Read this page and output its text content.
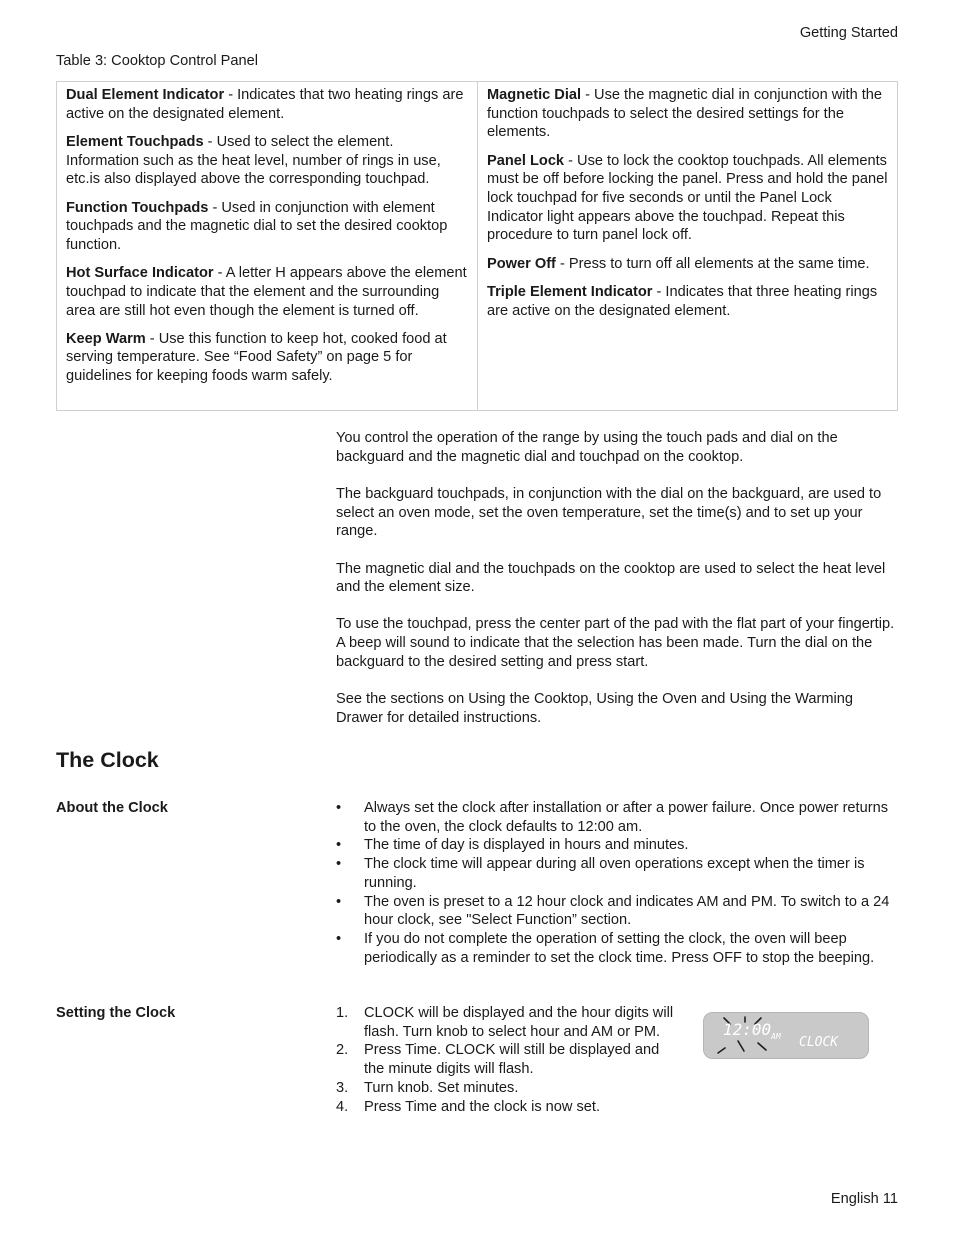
Getting Started
Table 3: Cooktop Control Panel

Dual Element Indicator - Indicates that two heating rings are active on the designated element.

Element Touchpads - Used to select the element. Information such as the heat level, number of rings in use, etc.is also displayed above the corresponding touchpad.

Function Touchpads - Used in conjunction with element touchpads and the magnetic dial to set the desired cooktop function.

Hot Surface Indicator - A letter H appears above the element touchpad to indicate that the element and the surrounding area are still hot even though the element is turned off.

Keep Warm - Use this function to keep hot, cooked food at serving temperature. See “Food Safety” on page 5 for guidelines for keeping foods warm safely.

Magnetic Dial - Use the magnetic dial in conjunction with the function touchpads to select the desired settings for the elements.

Panel Lock - Use to lock the cooktop touchpads. All elements must be off before locking the panel. Press and hold the panel lock touchpad for five seconds or until the Panel Lock Indicator light appears above the touchpad. Repeat this procedure to turn panel lock off.

Power Off - Press to turn off all elements at the same time.

Triple Element Indicator - Indicates that three heating rings are active on the designated element.

You control the operation of the range by using the touch pads and dial on the backguard and the magnetic dial and touchpad on the cooktop.

The backguard touchpads, in conjunction with the dial on the backguard, are used to select an oven mode, set the oven temperature, set the time(s) and to set up your range.

The magnetic dial and the touchpads on the cooktop are used to select the heat level and the element size.

To use the touchpad, press the center part of the pad with the flat part of your fingertip. A beep will sound to indicate that the selection has been made. Turn the dial on the backguard to the desired setting and press start.

See the sections on Using the Cooktop, Using the Oven and Using the Warming Drawer for detailed instructions.

The Clock
About the Clock	• Always set the clock after installation or after a power failure. Once power returns to the oven, the clock defaults to 12:00 am.
• The time of day is displayed in hours and minutes.
• The clock time will appear during all oven operations except when the timer is running.
• The oven is preset to a 12 hour clock and indicates AM and PM. To switch to a 24 hour clock, see "Select Function” section.
• If you do not complete the operation of setting the clock, the oven will beep periodically as a reminder to set the clock time. Press OFF to stop the beeping.
Setting the Clock	1. CLOCK will be displayed and the hour digits will flash. Turn knob to select hour and AM or PM.
2. Press Time. CLOCK will still be displayed and the minute digits will flash.
3. Turn knob. Set minutes.
4. Press Time and the clock is now set.
12:00 AM CLOCK
English 11
